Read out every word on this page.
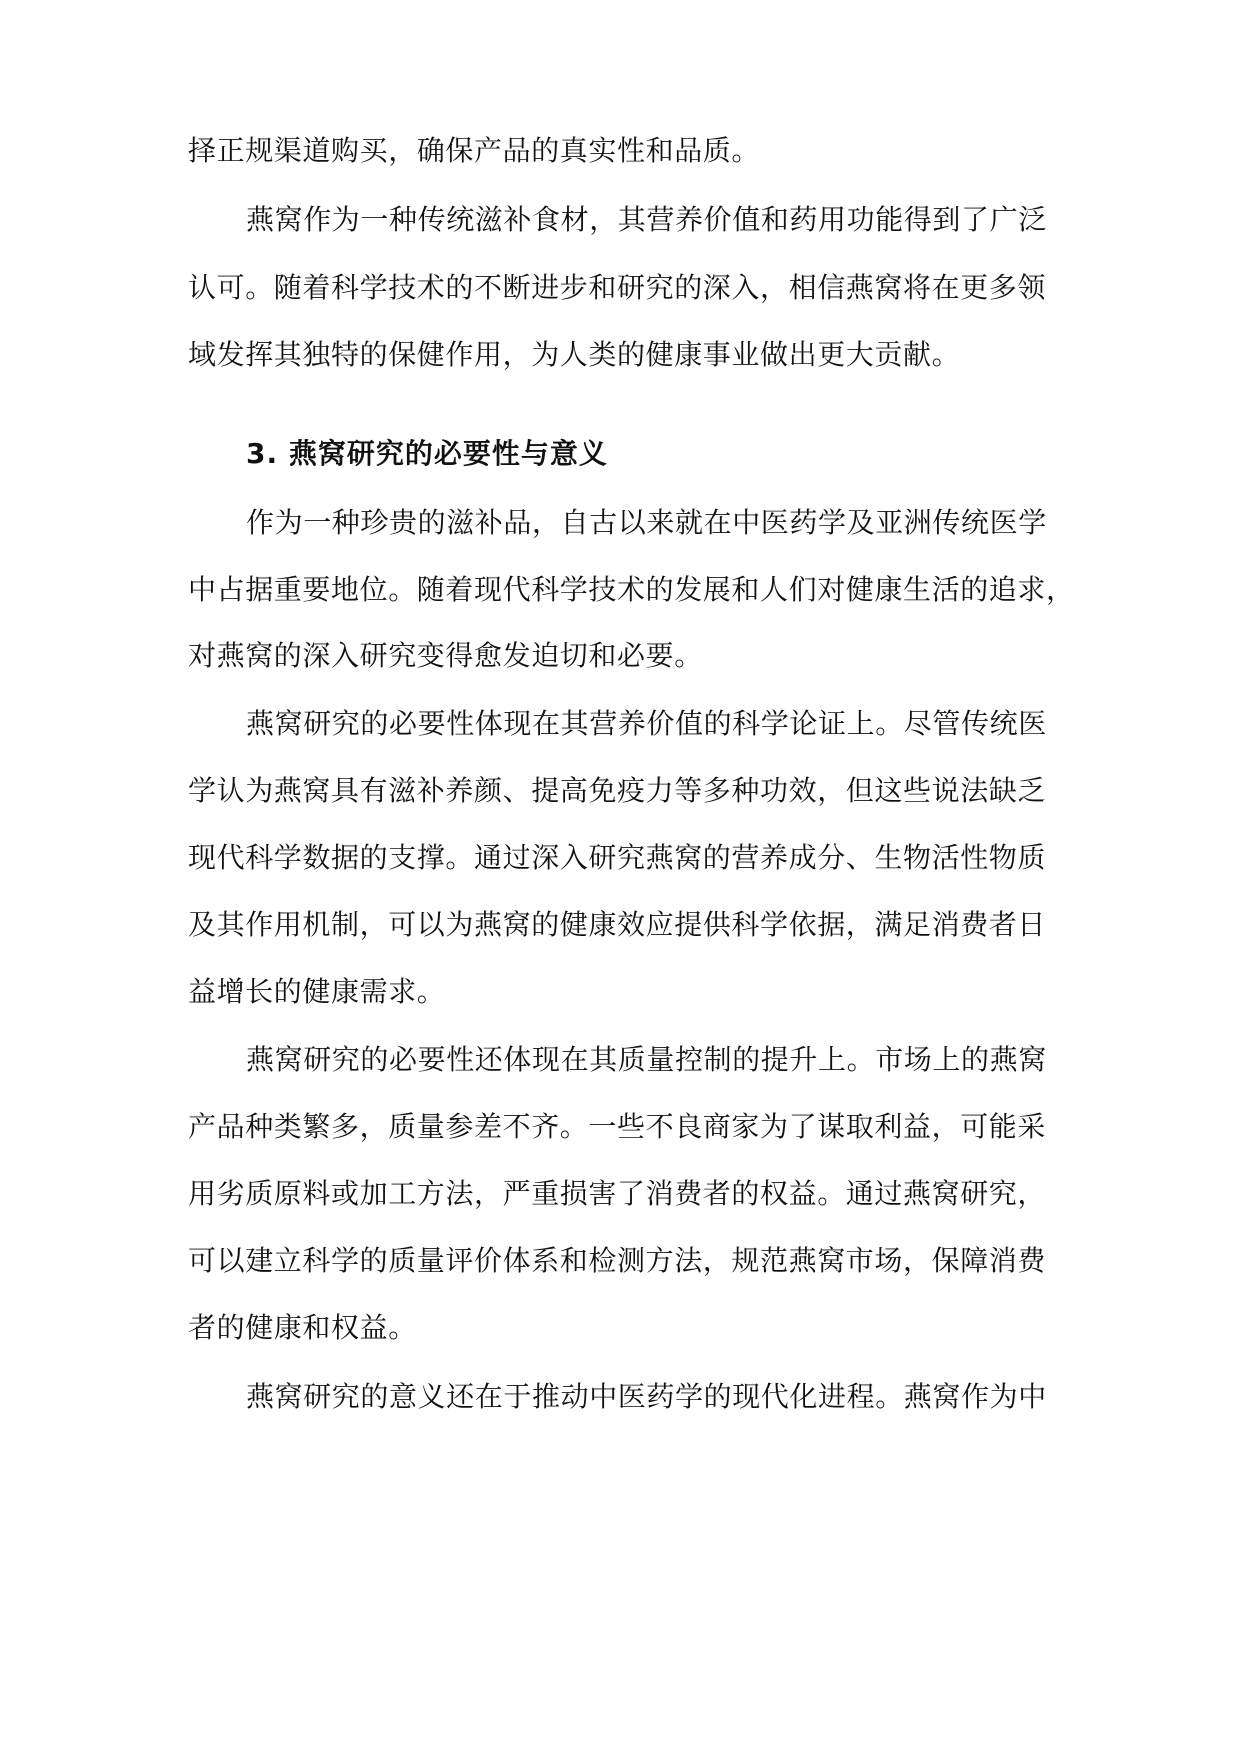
择正规渠道购买，确保产品的真实性和品质。
燕窝作为一种传统滋补食材，其营养价值和药用功能得到了广泛
认可。随着科学技术的不断进步和研究的深入，相信燕窝将在更多领
域发挥其独特的保健作用，为人类的健康事业做出更大贡献。
3. 燕窝研究的必要性与意义
作为一种珍贵的滋补品，自古以来就在中医药学及亚洲传统医学
中占据重要地位。随着现代科学技术的发展和人们对健康生活的追求，
对燕窝的深入研究变得愈发迫切和必要。
燕窝研究的必要性体现在其营养价值的科学论证上。尽管传统医
学认为燕窝具有滋补养颜、提高免疫力等多种功效，但这些说法缺乏
现代科学数据的支撑。通过深入研究燕窝的营养成分、生物活性物质
及其作用机制，可以为燕窝的健康效应提供科学依据，满足消费者日
益增长的健康需求。
燕窝研究的必要性还体现在其质量控制的提升上。市场上的燕窝
产品种类繁多，质量参差不齐。一些不良商家为了谋取利益，可能采
用劣质原料或加工方法，严重损害了消费者的权益。通过燕窝研究，
可以建立科学的质量评价体系和检测方法，规范燕窝市场，保障消费
者的健康和权益。
燕窝研究的意义还在于推动中医药学的现代化进程。燕窝作为中
